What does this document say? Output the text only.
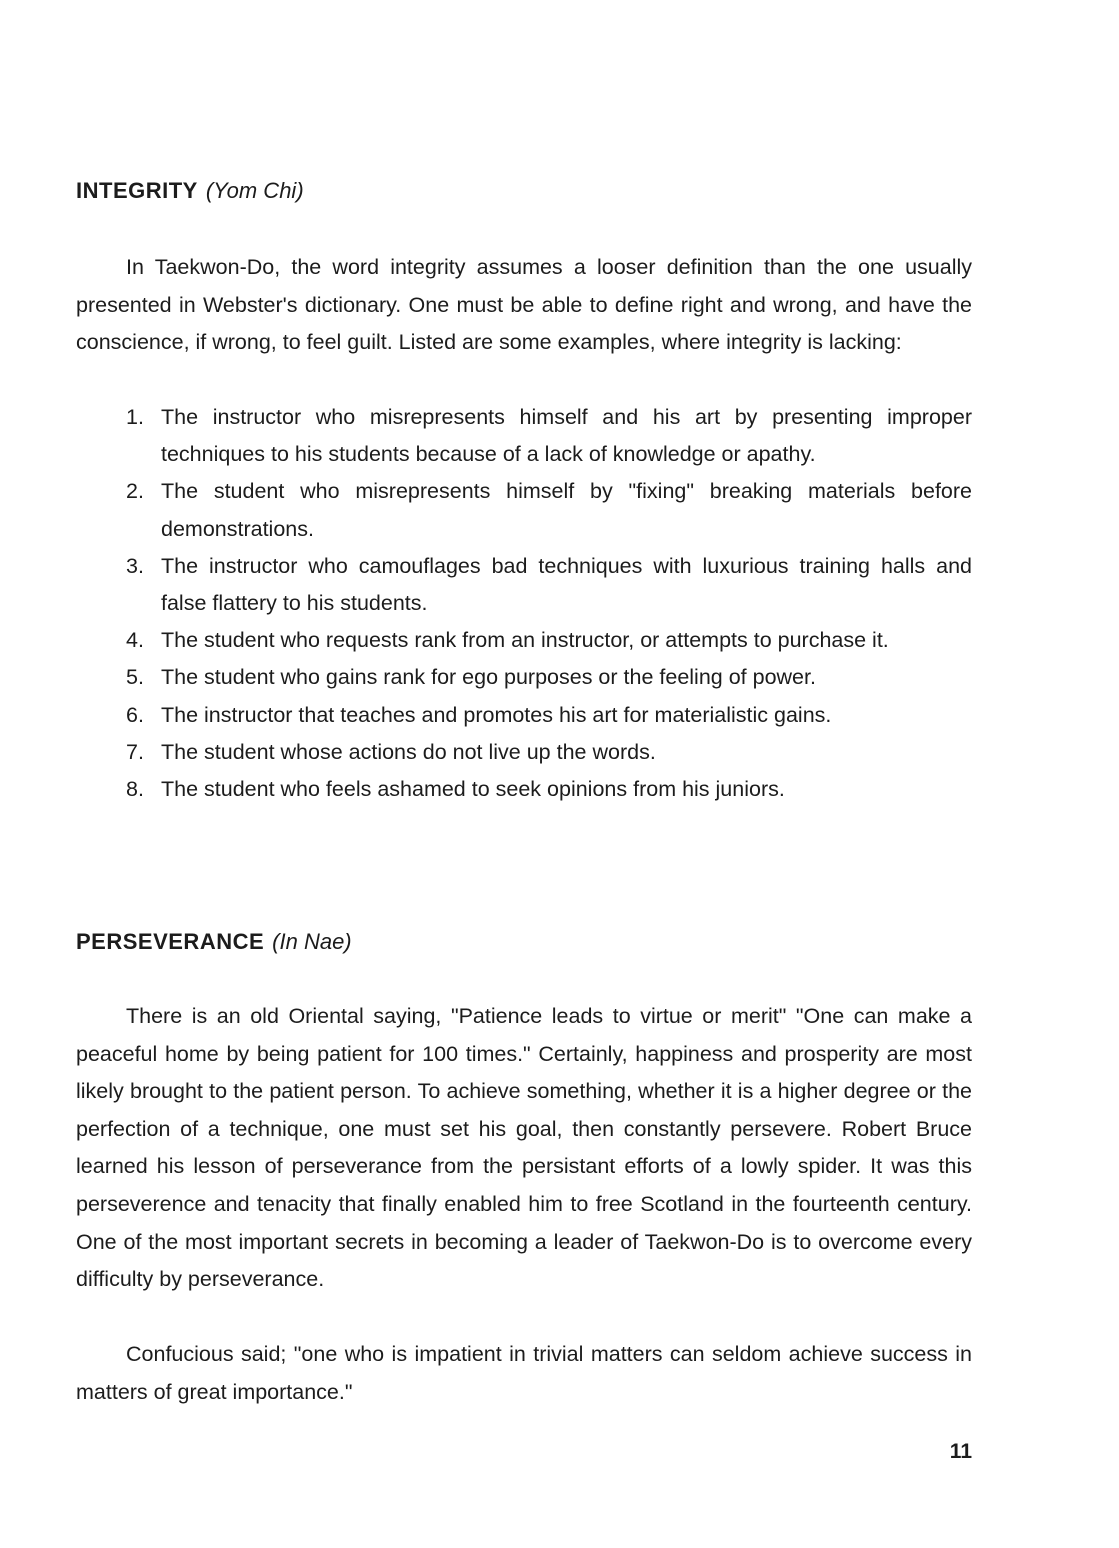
INTEGRITY (Yom Chi)

In Taekwon-Do, the word integrity assumes a looser definition than the one usually presented in Webster's dictionary. One must be able to define right and wrong, and have the conscience, if wrong, to feel guilt. Listed are some examples, where integrity is lacking:

1. The instructor who misrepresents himself and his art by presenting improper techniques to his students because of a lack of knowledge or apathy.
2. The student who misrepresents himself by "fixing" breaking materials before demonstrations.
3. The instructor who camouflages bad techniques with luxurious training halls and false flattery to his students.
4. The student who requests rank from an instructor, or attempts to purchase it.
5. The student who gains rank for ego purposes or the feeling of power.
6. The instructor that teaches and promotes his art for materialistic gains.
7. The student whose actions do not live up the words.
8. The student who feels ashamed to seek opinions from his juniors.
PERSEVERANCE (In Nae)

There is an old Oriental saying, "Patience leads to virtue or merit" "One can make a peaceful home by being patient for 100 times." Certainly, happiness and prosperity are most likely brought to the patient person. To achieve something, whether it is a higher degree or the perfection of a technique, one must set his goal, then constantly persevere. Robert Bruce learned his lesson of perseverance from the persistant efforts of a lowly spider. It was this perseverence and tenacity that finally enabled him to free Scotland in the fourteenth century. One of the most important secrets in becoming a leader of Taekwon-Do is to overcome every difficulty by perseverance.

Confucious said; "one who is impatient in trivial matters can seldom achieve success in matters of great importance."

11
